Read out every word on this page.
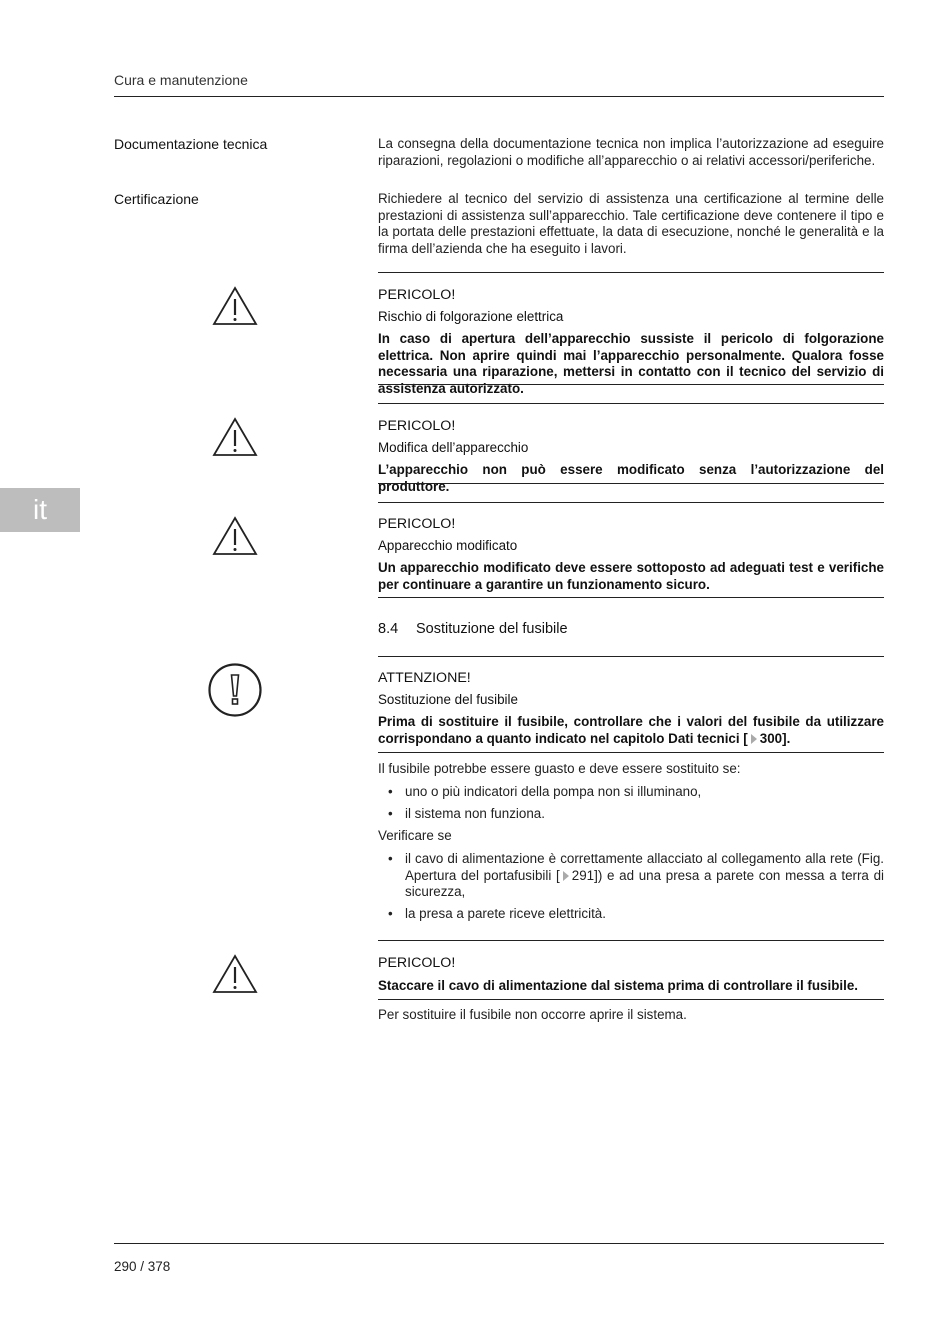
Cura e manutenzione
it
Documentazione tecnica	La consegna della documentazione tecnica non implica l’autorizzazione ad eseguire riparazioni, regolazioni o modifiche all’apparecchio o ai relativi accessori/periferiche.
Certificazione	Richiedere al tecnico del servizio di assistenza una certificazione al termine delle prestazioni di assistenza sull’apparecchio. Tale certificazione deve contenere il tipo e la portata delle prestazioni effettuate, la data di esecuzione, nonché le generalità e la firma dell’azienda che ha eseguito i lavori.
PERICOLO!
Rischio di folgorazione elettrica
In caso di apertura dell’apparecchio sussiste il pericolo di folgorazione elettrica. Non aprire quindi mai l’apparecchio personalmente. Qualora fosse necessaria una riparazione, mettersi in contatto con il tecnico del servizio di assistenza autorizzato.
PERICOLO!
Modifica dell’apparecchio
L’apparecchio non può essere modificato senza l’autorizzazione del produttore.
PERICOLO!
Apparecchio modificato
Un apparecchio modificato deve essere sottoposto ad adeguati test e verifiche per continuare a garantire un funzionamento sicuro.
8.4 Sostituzione del fusibile
ATTENZIONE!
Sostituzione del fusibile
Prima di sostituire il fusibile, controllare che i valori del fusibile da utilizzare corrispondano a quanto indicato nel capitolo Dati tecnici [ 300].
Il fusibile potrebbe essere guasto e deve essere sostituito se:
• uno o più indicatori della pompa non si illuminano,
• il sistema non funziona.
Verificare se
• il cavo di alimentazione è correttamente allacciato al collegamento alla rete (Fig. Apertura del portafusibili [ 291]) e ad una presa a parete con messa a terra di sicurezza,
• la presa a parete riceve elettricità.
PERICOLO!
Staccare il cavo di alimentazione dal sistema prima di controllare il fusibile.
Per sostituire il fusibile non occorre aprire il sistema.
290 / 378
